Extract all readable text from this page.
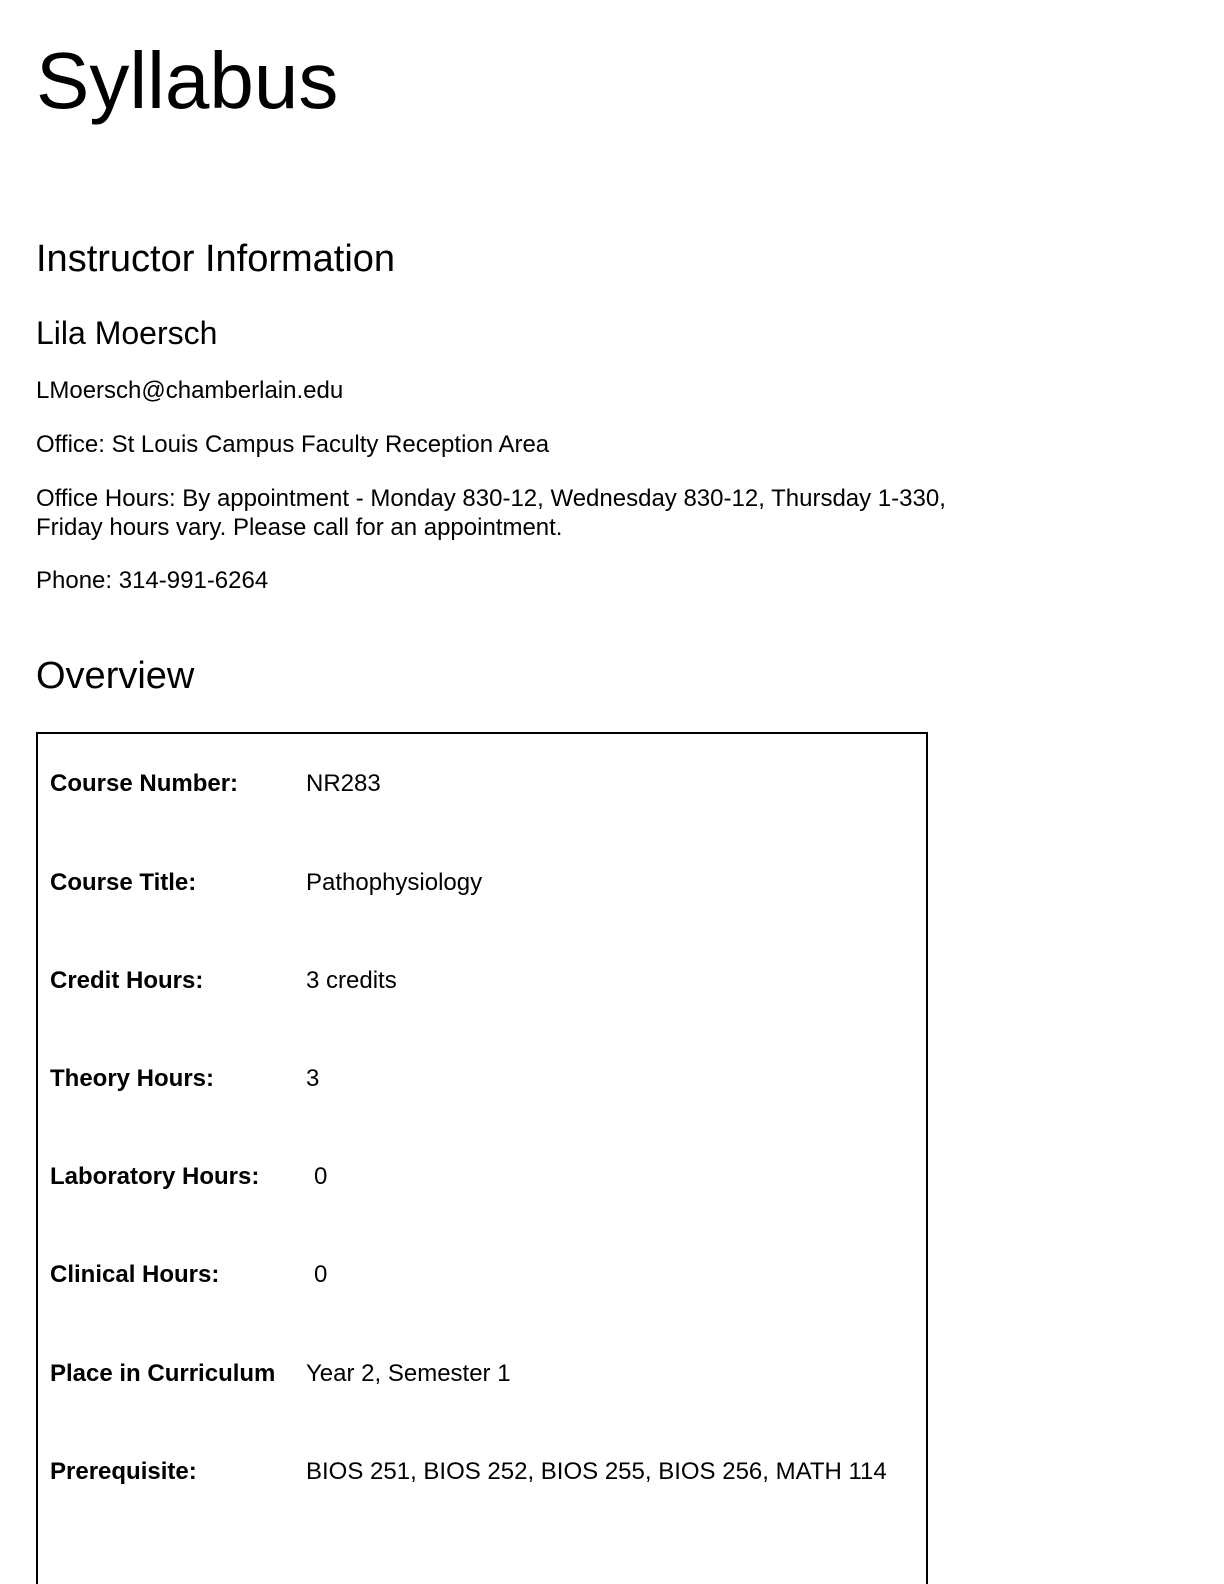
Syllabus
Instructor Information
Lila Moersch

LMoersch@chamberlain.edu

Office: St Louis Campus Faculty Reception Area

Office Hours: By appointment - Monday 830-12, Wednesday 830-12, Thursday 1-330,
Friday hours vary. Please call for an appointment.

Phone: 314-991-6264

Overview
Course Number:	NR283
Course Title:	Pathophysiology
Credit Hours:	3 credits
Theory Hours:	3
Laboratory Hours: 0
Clinical Hours:	0
Place in Curriculum Year 2, Semester 1
Prerequisite:	BIOS 251, BIOS 252, BIOS 255, BIOS 256, MATH 114
